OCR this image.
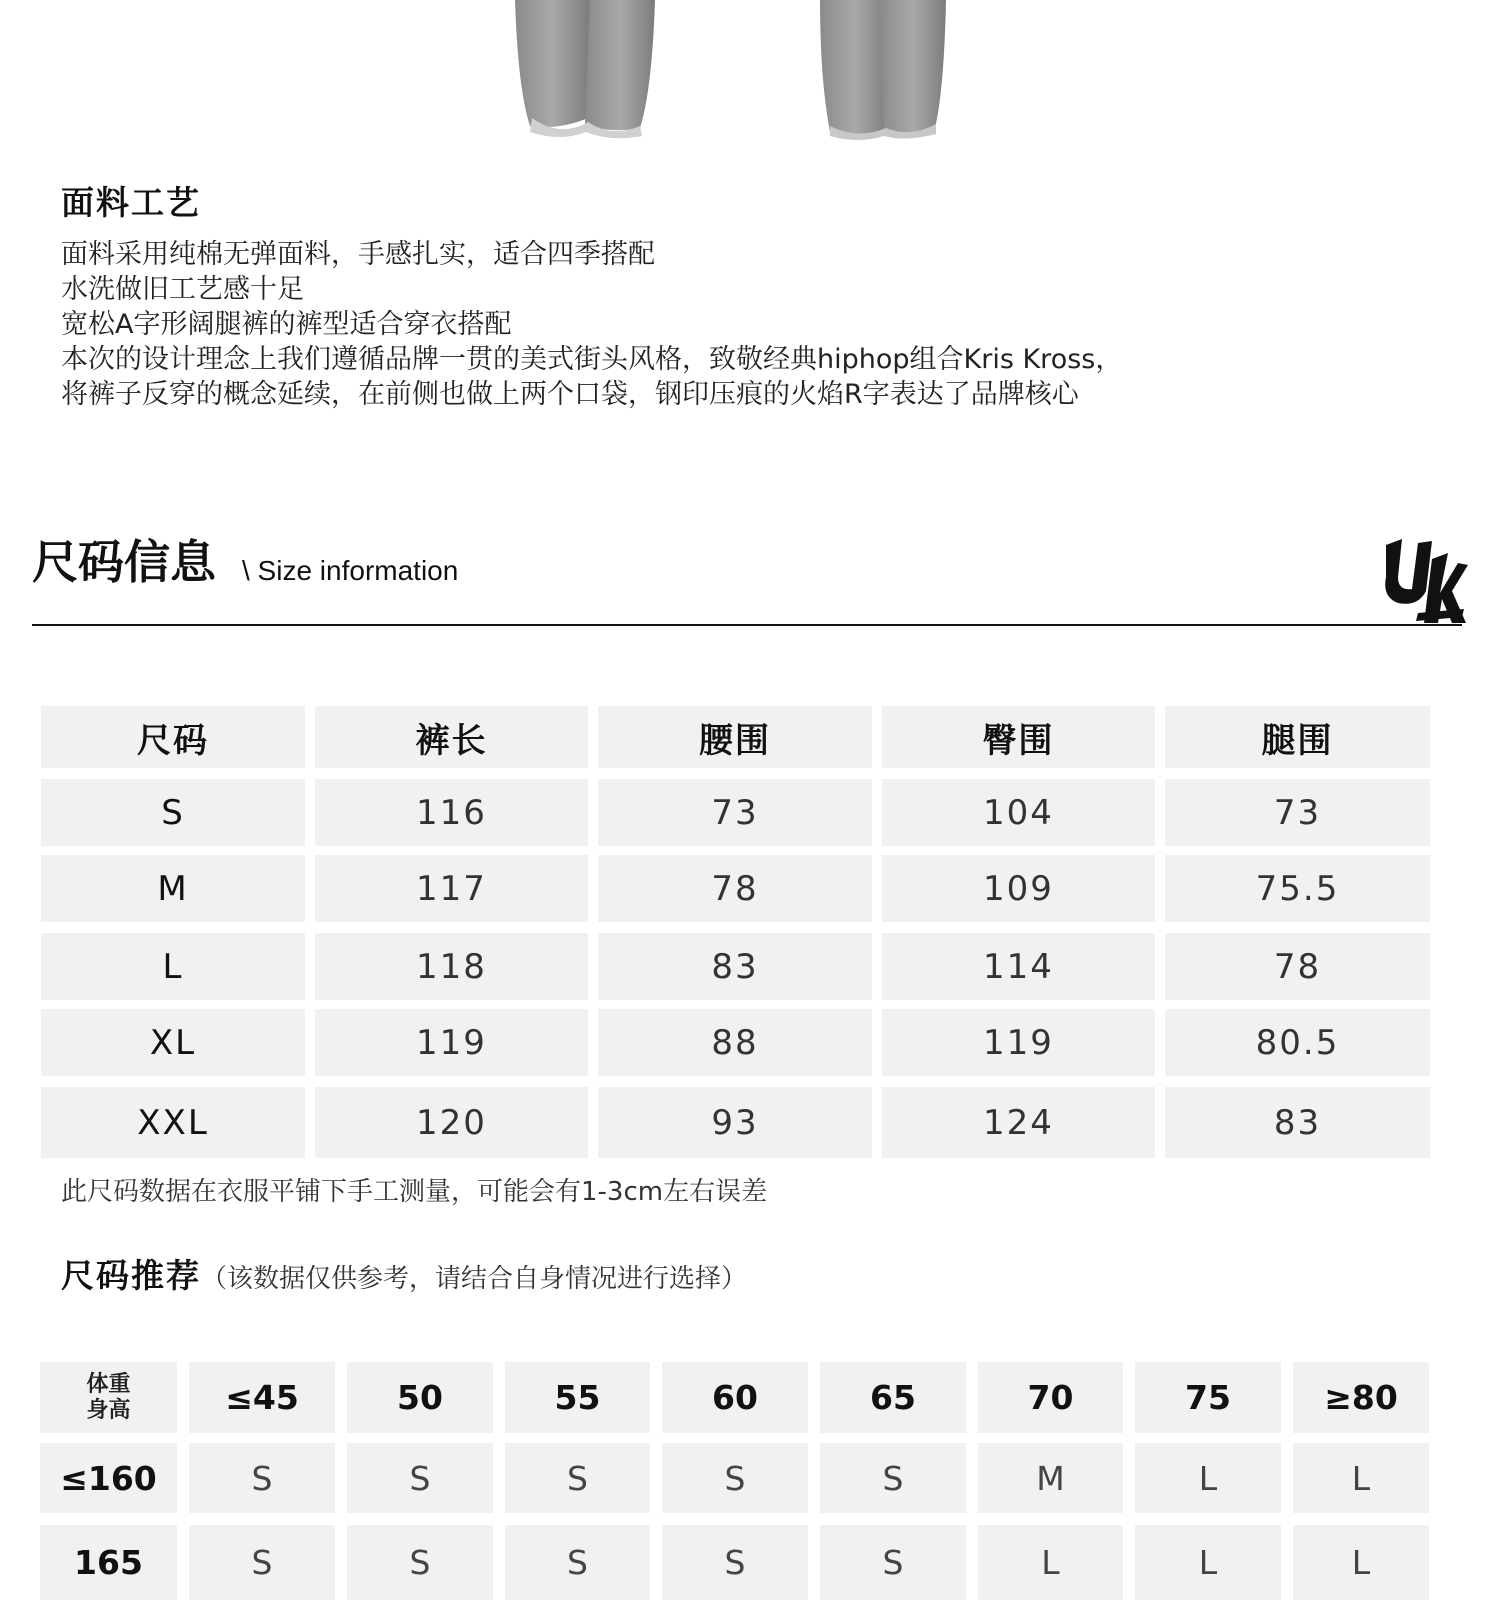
面料工艺
面料采用纯棉无弹面料，手感扎实，适合四季搭配
水洗做旧工艺感十足
宽松A字形阔腿裤的裤型适合穿衣搭配
本次的设计理念上我们遵循品牌一贯的美式街头风格，致敬经典hiphop组合Kris Kross，
将裤子反穿的概念延续，在前侧也做上两个口袋，钢印压痕的火焰R字表达了品牌核心
尺码信息 \ Size information
此尺码数据在衣服平铺下手工测量，可能会有1-3cm左右误差
尺码推荐（该数据仅供参考，请结合自身情况进行选择）
尺码	裤长	腰围	臀围	腿围
S	116	73	104	73
M	117	78	109	75.5
L	118	83	114	78
XL	119	88	119	80.5
XXL	120	93	124	83
体重
身高	≤45	50	55	60	65	70	75	≥80
≤160	S	S	S	S	S	M	L	L
165	S	S	S	S	S	L	L	L
